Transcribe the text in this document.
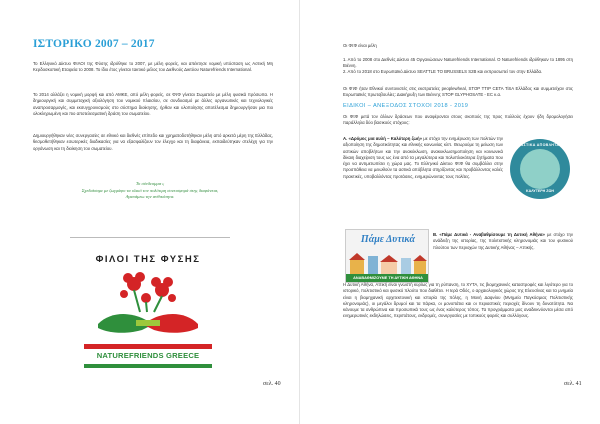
ΙΣΤΟΡΙΚΟ 2007 – 2017

Το Ελληνικό Δίκτυο ΦΙΛΟΙ της Φύσης ιδρύθηκε το 2007, με μέλη φορείς, και απέκτησε νομική υπόσταση ως Αστική Μη Κερδοσκοπική Εταιρεία το 2008. Το ίδιο έτος γίνεται τακτικό μέλος του Διεθνούς Δικτύου Naturefriends International.

Το 2014 αλλάζει η νομική μορφή και από ΑΜΚΕ, από μέλη φορείς, σε ΦτΦ γίνεται Σωματείο με μέλη φυσικά πρόσωπα. Η δημιουργική και συμμετοχική αξιολόγηση του νομικού πλαισίου, σε συνδυασμό με άλλες οργανωτικές και τεχνολογικές αναπροσαρμογές, και εκσυγχρονισμούς στο σύστημα διοίκησης, ήρθαν και υλοποίησης αποτέλεσμα δημιουργήσαν μια πιο ολοκληρωμένη και πιο αποτελεσματική δράση του σωματείου.

Δημιουργήθηκαν νέες συνεργασίες σε εθνικό και διεθνές επίπεδο και χρηματοδοτήθηκαν μέλη από αρκετά μέρη της Ελλάδας, θεσμοθετήθηκαν εσωτερικές διαδικασίες για να εξασφαλίζουν τον έλεγχο και τη διαφάνεια, εκπαιδεύτηκαν στελέχη για την οργάνωση και τη διοίκηση του σωματείου.

Το σύνδεσμμα ς
Σχεδιάσαμε με ζωγράφο τα υλικό τον πολύτιμη συνεισφορά στης διαφάνεια,
Αγαπάμεω την ανθικότητα.
ΦΙΛΟΙ ΤΗΣ ΦΥΣΗΣ
NATUREFRIENDS GREECE
σελ. 40

Οι ΦτΦ είναι μέλη

1. Από το 2008 στο Διεθνές Δίκτυο 45 Οργανώσεων Naturefriends International. Ο Naturefriends ιδρύθηκαν το 1895 στη Βιέννη.

2. Από το 2018 στο Ευρωπαϊκό Δίκτυο SEATTLE TO BRUSSELS S2B και εκπροσωπεί τον στην Ελλάδα.

Οι ΦτΦ ήταν Εθνικοί συντονιστές στις εκστρατείες peoplewheal, STOP TTIP CETA TiSA Ελλάδος και συμμετείχαν στις Ευρωπαϊκές πρωτοβουλίες: Διακήρυξη των Βιέννης STOP GLYPHOSATE - EC κ.α.

ΕΙΔΙΚΟΙ – ΑΝΕΞΟΔΟΣ ΣΤΟΧΟΙ 2018 - 2019

Οι ΦτΦ μετά τον άλλων δράσεων που αναφέρονται στους σκοπούς της προς πολλούς έχουν ήδη δρομολογήσει παράλληλα δύο βασικούς στόχους:

A. «Δρόμος μια αυλή – Καλύτερη ζωή» με στόχο την ενημέρωση των πολιτών την αξιοποίηση της δημοτικότητας και εθνικής κοινωνίας κλπ. Θεωρούμε τη μείωση των αστικών αποβλήτων και την ανακύκλωση, ανακυκλωσημοποίηση και κοινωνικά δίκαιη διαχείριση τους ως ένα από τα μεγαλύτερα και πολυπλοκότερα ζητήματα που έχει να αντιμετωπίσει η χώρα μας. Το Ελληνικό Δίκτυο ΦτΦ θα συμβάλλει στην προσπάθεια να μειωθούν τα αστικά απόβλητα στηρίζοντας και προβάλλοντας καλές πρακτικές, υποβαλλόντας προτάσεις, ενημερώνοντας τους πολίτες.

ΑΣΤΙΚΑ ΑΠΟΒΛΗΤΑ
ΚΑΛΥΤΕΡΗ ΖΩΗ
Πάμε Δυτικά
ΑΝΑΒΑΘΜΙΖΟΥΜΕ ΤΗ ΔΥΤΙΚΗ ΑΘΗΝΑ

B. «Πάμε Δυτικά - Αναβαθμίσουμε τη Δυτική Αθήνα» με στόχο την ανάδειξη της ιστορίας, της πολιτιστικής κληρονομιάς και του φυσικού πλούτου των περιοχών της Δυτικής Αθήνας – Αττικής.

Η Δυτική Αθήνα, Αττική είναι γνωστή κυρίως για τη ρύπανση, το ΧΥΤΑ, τις βιομηχανικές καταστροφές και λιγότερο για το ιστορικό, πολιτιστικό και φυσικό πλούτο που διαθέτει. Η Ιερά Οδός, ο αρχαιολογικός χώρος της Ελευσίνας και τα μνημεία είναι η βιομηχανική αρχιτεκτονική και ιστορία της πόλης, η Μονή Δαφνίου (Μνημείο Παγκόσμιας Πολιτιστικής κληρονομιάς), οι μεγάλοι δρυμοί και τα πάρκα, οι μονοπάτια και οι περιαστικές περιοχές δίνουν τη δυνατότητα. Να κάνουμε τα ανθρώπινα και προσωπικά τους ως ένας καλύτερος τόπος. Τα προγράμματα μας αναδεικνύονται μέσα από ενημερωτικές εκδηλώσεις, περιπάτους, εκδρομές, συνεργασίες με τοπικούς φορείς και συλλόγους.

σελ. 41
